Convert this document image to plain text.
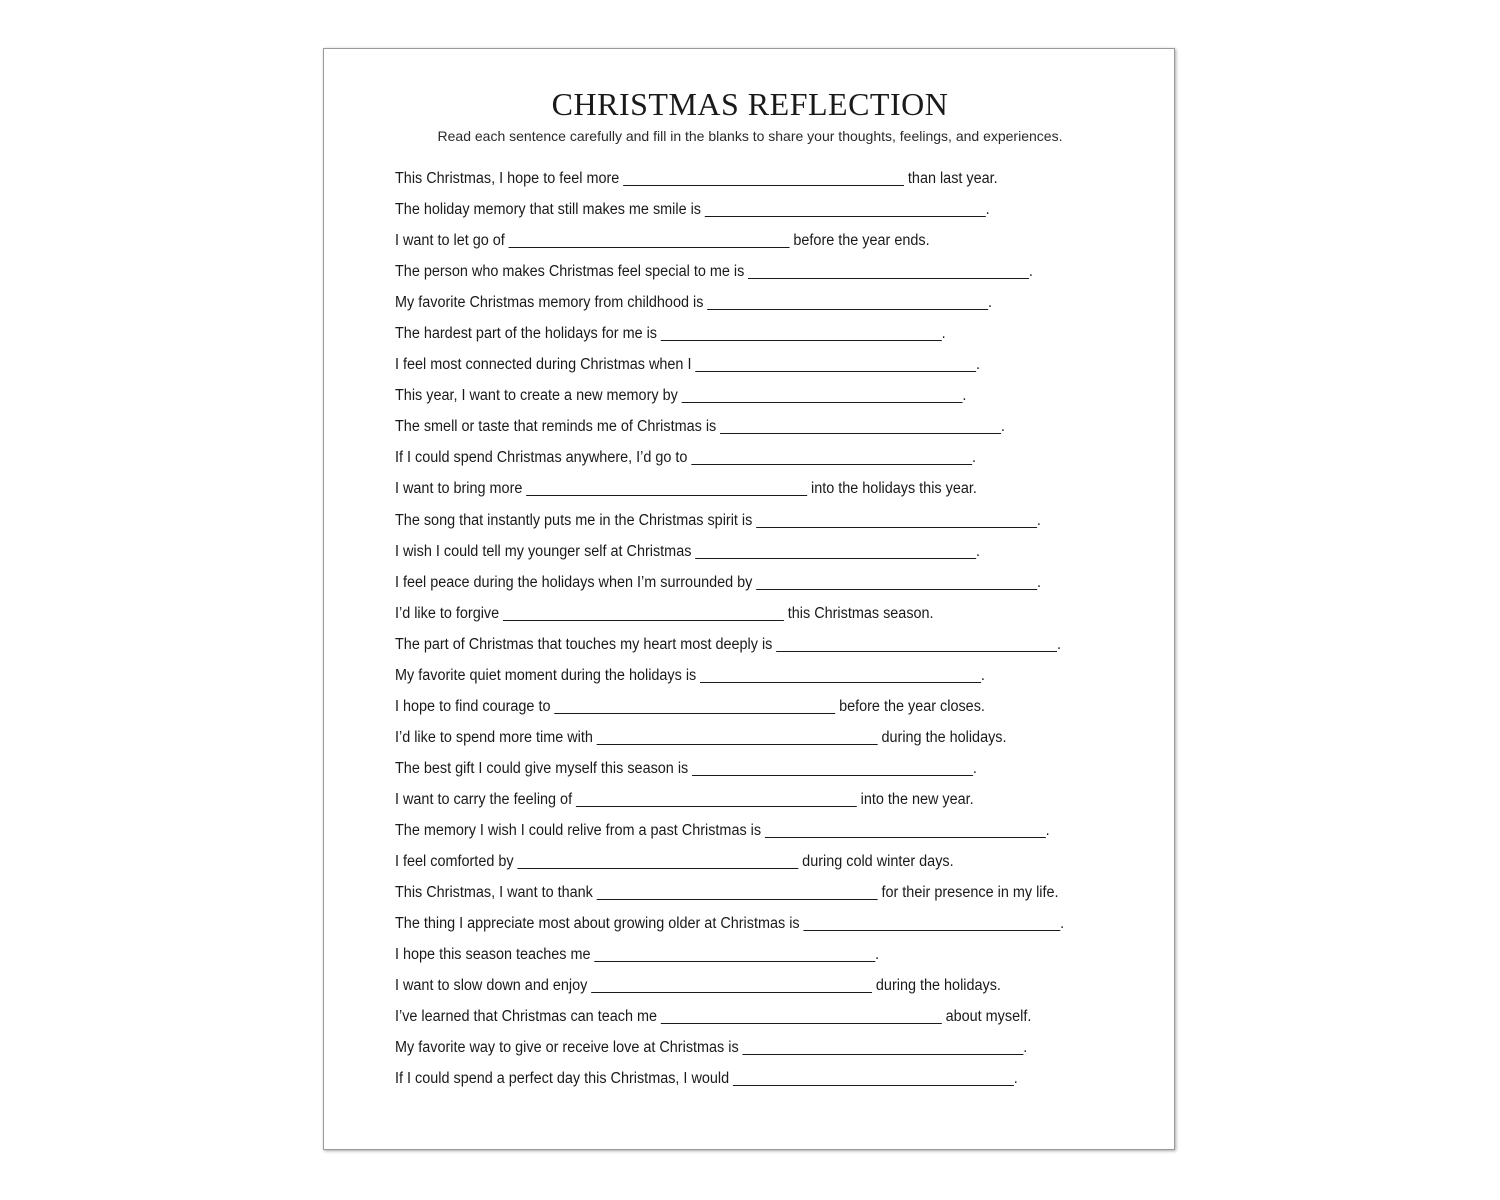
CHRISTMAS REFLECTION

Read each sentence carefully and fill in the blanks to share your thoughts, feelings, and experiences.

This Christmas, I hope to feel more ___________________________________ than last year.
The holiday memory that still makes me smile is ___________________________________.
I want to let go of ___________________________________ before the year ends.
The person who makes Christmas feel special to me is ___________________________________.
My favorite Christmas memory from childhood is ___________________________________.
The hardest part of the holidays for me is ___________________________________.
I feel most connected during Christmas when I ___________________________________.
This year, I want to create a new memory by ___________________________________.
The smell or taste that reminds me of Christmas is ___________________________________.
If I could spend Christmas anywhere, I’d go to ___________________________________.
I want to bring more ___________________________________ into the holidays this year.
The song that instantly puts me in the Christmas spirit is ___________________________________.
I wish I could tell my younger self at Christmas ___________________________________.
I feel peace during the holidays when I’m surrounded by ___________________________________.
I’d like to forgive ___________________________________ this Christmas season.
The part of Christmas that touches my heart most deeply is ___________________________________.
My favorite quiet moment during the holidays is ___________________________________.
I hope to find courage to ___________________________________ before the year closes.
I’d like to spend more time with ___________________________________ during the holidays.
The best gift I could give myself this season is ___________________________________.
I want to carry the feeling of ___________________________________ into the new year.
The memory I wish I could relive from a past Christmas is ___________________________________.
I feel comforted by ___________________________________ during cold winter days.
This Christmas, I want to thank ___________________________________ for their presence in my life.
The thing I appreciate most about growing older at Christmas is ________________________________.
I hope this season teaches me ___________________________________.
I want to slow down and enjoy ___________________________________ during the holidays.
I’ve learned that Christmas can teach me ___________________________________ about myself.
My favorite way to give or receive love at Christmas is ___________________________________.
If I could spend a perfect day this Christmas, I would ___________________________________.
